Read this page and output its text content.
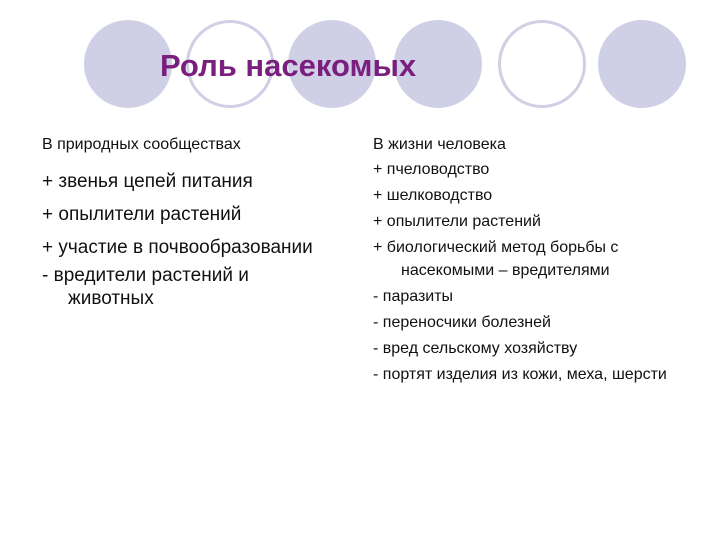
Роль насекомых
В природных сообществах
+ звенья цепей питания
+ опылители растений
+ участие в почвообразовании
- вредители растений и животных
В жизни человека
+ пчеловодство
+ шелководство
+ опылители растений
+ биологический метод борьбы с насекомыми – вредителями
- паразиты
- переносчики болезней
- вред сельскому хозяйству
- портят изделия из кожи, меха, шерсти
